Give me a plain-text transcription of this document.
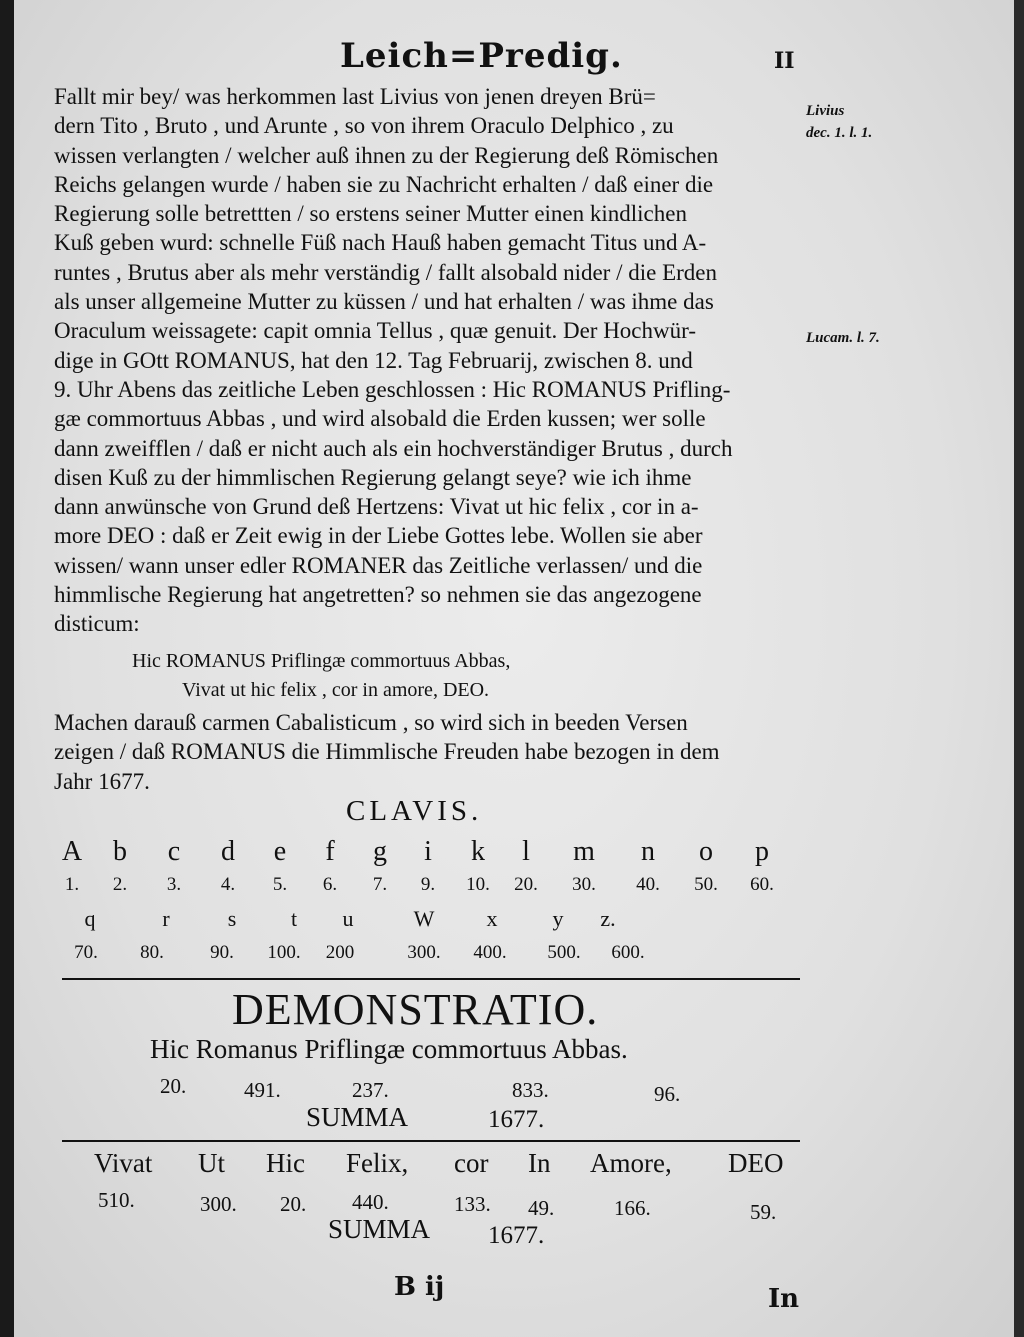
Leich=Predig.	II
Livius
dec. 1. l. 1.
Lucam. l. 7.
Fallt mir bey/ was herkommen last Livius von jenen dreyen Brü=
dern Tito , Bruto , und Arunte , so von ihrem Oraculo Delphico , zu
wissen verlangten / welcher auß ihnen zu der Regierung deß Römischen
Reichs gelangen wurde / haben sie zu Nachricht erhalten / daß einer die
Regierung solle betrettten / so erstens seiner Mutter einen kindlichen
Kuß geben wurd: schnelle Füß nach Hauß haben gemacht Titus und A-
runtes , Brutus aber als mehr verständig / fallt alsobald nider / die Erden
als unser allgemeine Mutter zu küssen / und hat erhalten / was ihme das
Oraculum weissagete: capit omnia Tellus , quæ genuit. Der Hochwür-
dige in GOtt ROMANUS, hat den 12. Tag Februarij, zwischen 8. und
9. Uhr Abens das zeitliche Leben geschlossen : Hic ROMANUS Prifling-
gæ commortuus Abbas , und wird alsobald die Erden kussen; wer solle
dann zweifflen / daß er nicht auch als ein hochverständiger Brutus , durch
disen Kuß zu der himmlischen Regierung gelangt seye? wie ich ihme
dann anwünsche von Grund deß Hertzens: Vivat ut hic felix , cor in a-
more DEO : daß er Zeit ewig in der Liebe Gottes lebe. Wollen sie aber
wissen/ wann unser edler ROMANER das Zeitliche verlassen/ und die
himmlische Regierung hat angetretten? so nehmen sie das angezogene
disticum:
Hic ROMANUS Priflingæ commortuus Abbas,
Vivat ut hic felix , cor in amore, DEO.
Machen darauß carmen Cabalisticum , so wird sich in beeden Versen
zeigen / daß ROMANUS die Himmlische Freuden habe bezogen in dem
Jahr 1677.
CLAVIS.
A	b	c	d	e	f	g	i	k	l	m	n	o	p
1.	2.	3.	4.	5.	6.	7.	9.	10.	20.	30.	40.	50.	60.
q	r	s	t	u	W	x	y	z.
70.	80.	90.	100.	200	300.	400.	500.	600.
DEMONSTRATIO.
Hic Romanus Priflingæ commortuus Abbas.
20.	491.	237.	833.	96.
SUMMA	1677.
Vivat Ut Hic Felix, cor In Amore, DEO
510.	300. 20. 440.	133. 49.	166.	59.
SUMMA 1677.
B ij	In
